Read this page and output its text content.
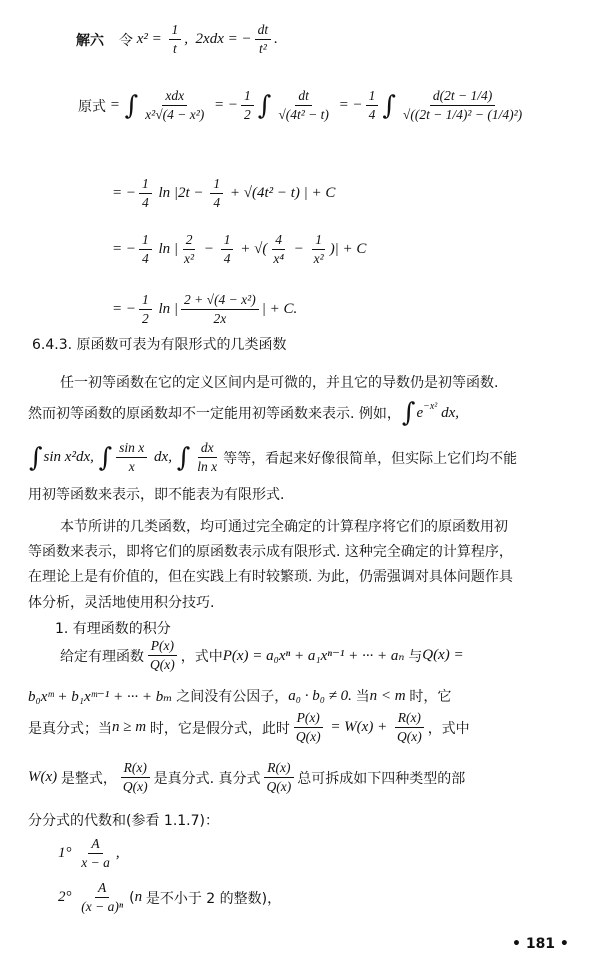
解六
令 $x^2 = \frac{1}{t}$ ,  2xdx = − $\frac{dt}{\text{t²}}$ .
原式 = ∫ $\frac{\text{xdx}}{\text{x²√(4 − x²)}}$ = − $\frac{1}{2}$ ∫ $\frac{dt}{\text{√(4t² − t)}}$ = − $\frac{1}{4}$ ∫ $\frac{d(2t - 1/4)}{\text{√((2t − 1/4)² − (1/4)²)}}$
= − $\frac{1}{4}$ $\ln |2t - \frac{1}{4} + √(4t^2 - t)$ | + C
= − $\frac{1}{4}$ ln | $\frac{2}{\text{x²}} - \frac{1}{4}$ + √( $\frac{4}{\text{x⁴}} - \frac{1}{\text{x²}}$ )| + C
= − $\frac{1}{2}$ ln | $\frac{\text{2 + √(4 − x²)}}{2x}$ | + C.
6.4.3. 原函数可表为有限形式的几类函数
任一初等函数在它的定义区间内是可微的，并且它的导数仍是初等函数.
然而初等函数的原函数却不一定能用初等函数来表示. 例如， ∫ e −x² dx,
∫ sin x²dx, ∫ $\frac{\text{sin x}}{x}$ dx, ∫ $\frac{dx}{\text{ln x}}$ 等等，看起来好像很简单，但实际上它们均不能
用初等函数来表示，即不能表为有限形式.
本节所讲的几类函数，均可通过完全确定的计算程序将它们的原函数用初
等函数来表示，即将它们的原函数表示成有限形式. 这种完全确定的计算程序，
在理论上是有价值的，但在实践上有时较繁琐. 为此，仍需强调对具体问题作具
体分析，灵活地使用积分技巧.
1. 有理函数的积分
给定有理函数 $\frac{P(x)}{Q(x)}$ ，式中 P(x) = a₀xⁿ + a₁xⁿ⁻¹ + ··· + aₙ 与 Q(x) =
b₀xᵐ + b₁xᵐ⁻¹ + ··· + bₘ 之间没有公因子， a₀ · b₀ ≠ 0. 当 n < m 时，它
是真分式；当 n ≥ m 时，它是假分式，此时 $\frac{P(x)}{Q(x)} = W(x) + \frac{R(x)}{Q(x)}$ ，式中
W(x) 是整式， $\frac{R(x)}{Q(x)}$ 是真分式. 真分式 $\frac{R(x)}{Q(x)}$ 总可拆成如下四种类型的部
分分式的代数和(参看 1.1.7)：
$1^\circ \frac{A}{x - a}$ ,
$2^\circ \frac{A}{\text{(x − a)ⁿ}}$ ( n 是不小于 2 的整数)，
• 181 •
